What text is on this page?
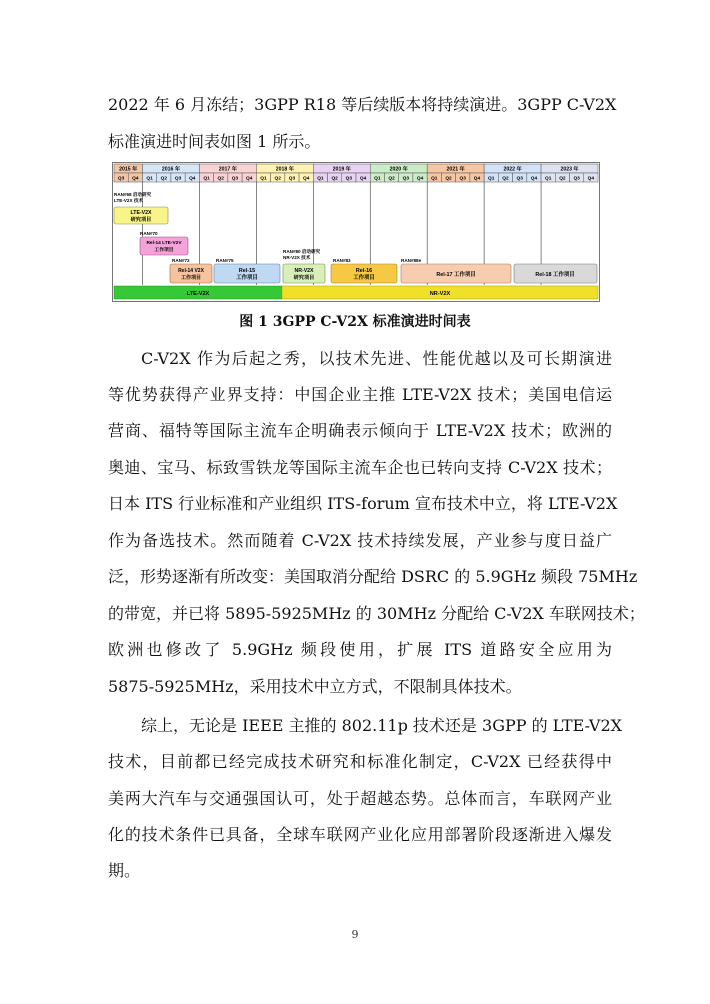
2022 年 6 月冻结；3GPP R18 等后续版本将持续演进。3GPP C-V2X
标准演进时间表如图 1 所示。
2015 年	2016 年	2017 年	2018 年	2019 年	2020 年	2021 年	2022 年	2023 年
Q3 Q4 Q1 Q2 Q3 Q4 Q1 Q2 Q3 Q4 Q1 Q2 Q3 Q4 Q1 Q2 Q3 Q4 Q1 Q2 Q3 Q4 Q1 Q2 Q3 Q4 Q1 Q2 Q3 Q4 Q1 Q2 Q3 Q4
RAN#68 启动研究 LTE-V2X 技术
RAN#70
RAN#72	RAN#75
RAN#80 启动研究 NR-V2X 技术
RAN#83	RAN#88e
LTE-V2X
研究项目
Rel-14 LTE-V2V
工作项目
Rel-14 V2X
工作项目
Rel-15
工作项目
NR-V2X
研究项目
Rel-16
工作项目	Rel-17 工作项目	Rel-18 工作项目
LTE-V2X	NR-V2X
图 1 3GPP C-V2X 标准演进时间表
C-V2X 作为后起之秀，以技术先进、性能优越以及可长期演进
等优势获得产业界支持：中国企业主推 LTE-V2X 技术；美国电信运
营商、福特等国际主流车企明确表示倾向于 LTE-V2X 技术；欧洲的
奥迪、宝马、标致雪铁龙等国际主流车企也已转向支持 C-V2X 技术；
日本 ITS 行业标准和产业组织 ITS-forum 宣布技术中立，将 LTE-V2X
作为备选技术。然而随着 C-V2X 技术持续发展，产业参与度日益广
泛，形势逐渐有所改变：美国取消分配给 DSRC 的 5.9GHz 频段 75MHz
的带宽，并已将 5895-5925MHz 的 30MHz 分配给 C-V2X 车联网技术；
欧洲也修改了 5.9GHz 频段使用，扩展 ITS 道路安全应用为
5875-5925MHz，采用技术中立方式，不限制具体技术。
综上，无论是 IEEE 主推的 802.11p 技术还是 3GPP 的 LTE-V2X
技术，目前都已经完成技术研究和标准化制定，C-V2X 已经获得中
美两大汽车与交通强国认可，处于超越态势。总体而言，车联网产业
化的技术条件已具备，全球车联网产业化应用部署阶段逐渐进入爆发
期。
9
